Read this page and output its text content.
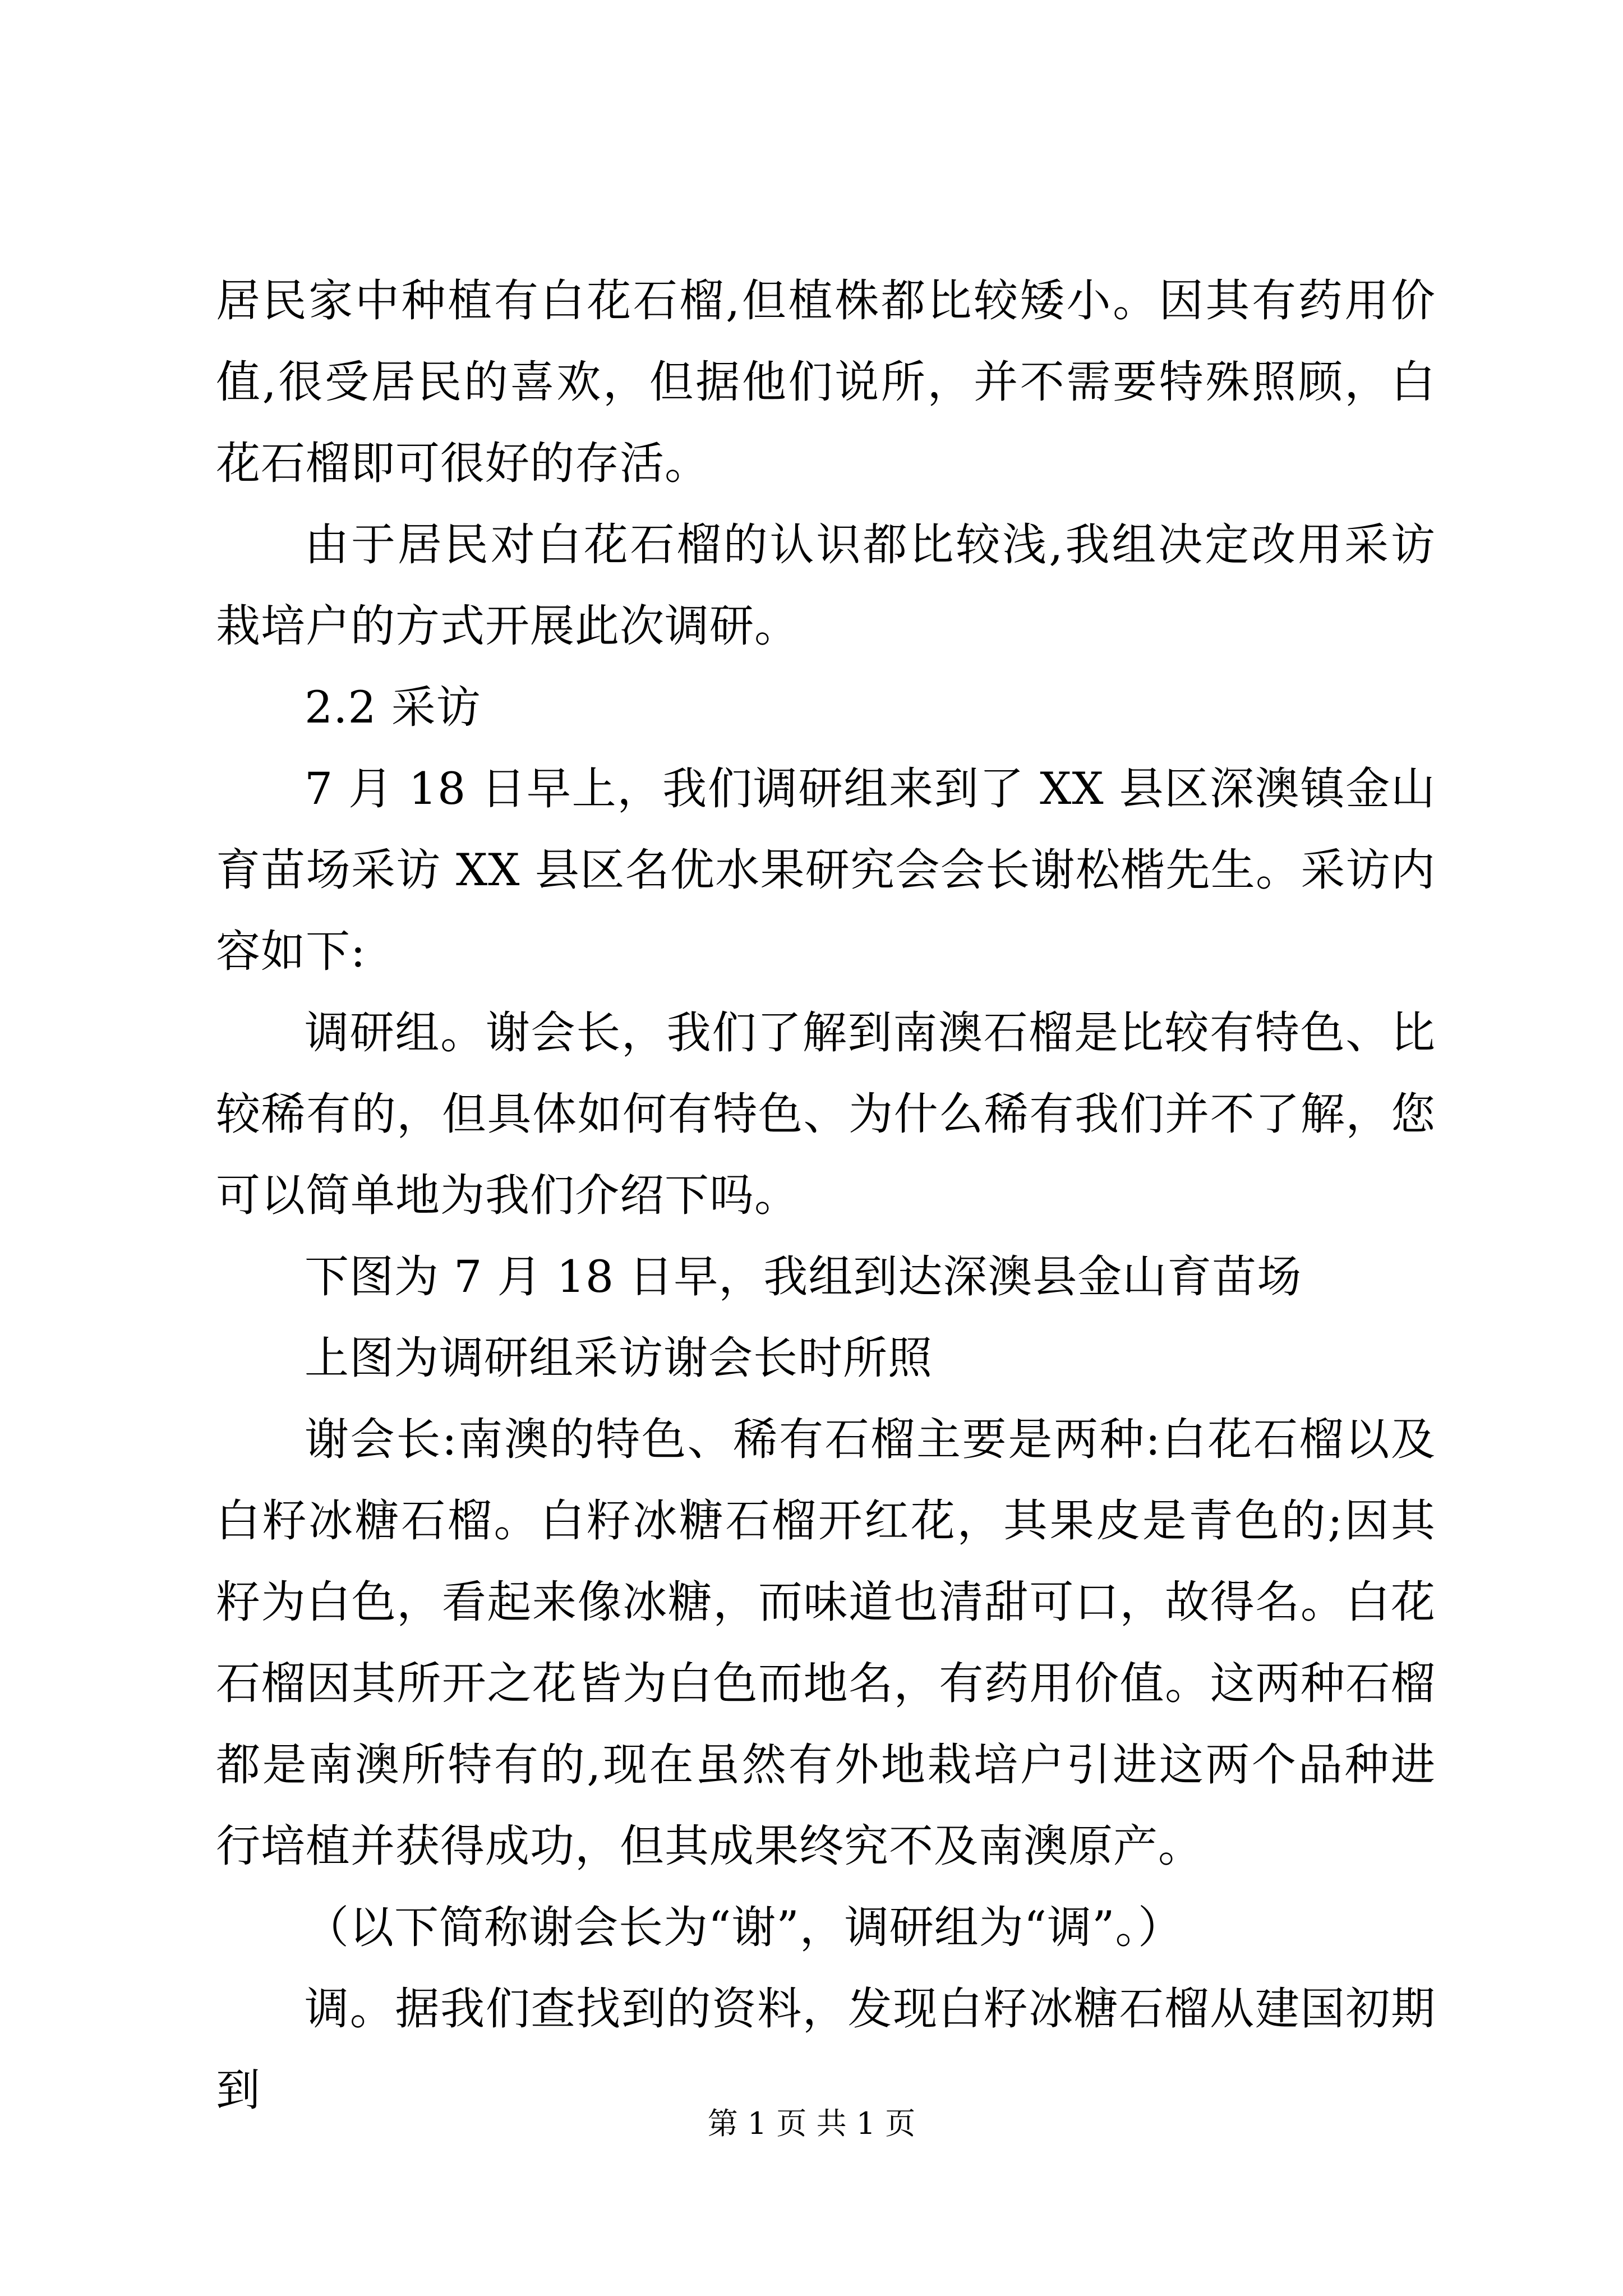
居民家中种植有白花石榴,但植株都比较矮小。因其有药用价值,很受居民的喜欢，但据他们说所，并不需要特殊照顾，白花石榴即可很好的存活。

由于居民对白花石榴的认识都比较浅,我组决定改用采访栽培户的方式开展此次调研。

2.2 采访

7 月 18 日早上，我们调研组来到了 XX 县区深澳镇金山育苗场采访 XX 县区名优水果研究会会长谢松楷先生。采访内容如下:

调研组。谢会长，我们了解到南澳石榴是比较有特色、比较稀有的，但具体如何有特色、为什么稀有我们并不了解，您可以简单地为我们介绍下吗。

下图为 7 月 18 日早，我组到达深澳县金山育苗场

上图为调研组采访谢会长时所照

谢会长:南澳的特色、稀有石榴主要是两种:白花石榴以及白籽冰糖石榴。白籽冰糖石榴开红花，其果皮是青色的;因其籽为白色，看起来像冰糖，而味道也清甜可口，故得名。白花石榴因其所开之花皆为白色而地名，有药用价值。这两种石榴都是南澳所特有的,现在虽然有外地栽培户引进这两个品种进行培植并获得成功，但其成果终究不及南澳原产。

（以下简称谢会长为“谢”，调研组为“调”。）

调。据我们查找到的资料，发现白籽冰糖石榴从建国初期到

第 1 页 共 1 页
